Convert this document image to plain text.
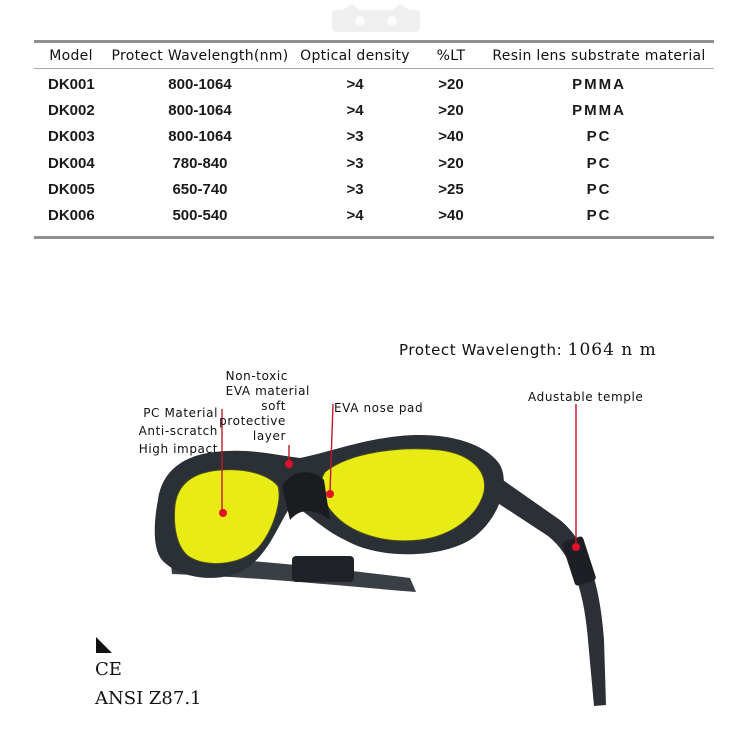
Model	Protect Wavelength(nm)	Optical density	%LT	Resin lens substrate material
DK001	800-1064	>4	>20	PMMA
DK002	800-1064	>4	>20	PMMA
DK003	800-1064	>3	>40	PC
DK004	780-840	>3	>20	PC
DK005	650-740	>3	>25	PC
DK006	500-540	>4	>40	PC
Protect Wavelength: 1064 n m
PC Material
Anti-scratch
High impact
Non-toxic
EVA material
soft
protective
layer
EVA nose pad
Adustable temple
CE
ANSI Z87.1
